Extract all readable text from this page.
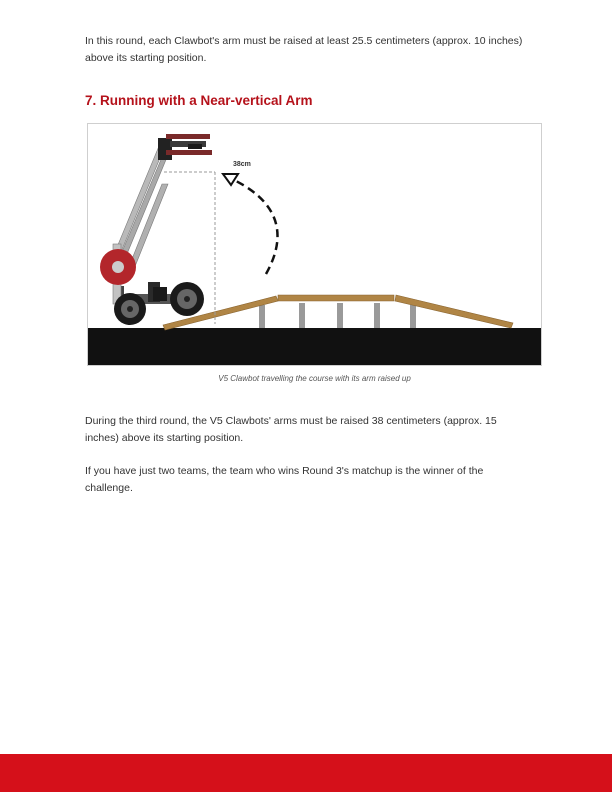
In this round, each Clawbot's arm must be raised at least 25.5 centimeters (approx. 10 inches) above its starting position.

7. Running with a Near-vertical Arm
38cm

V5 Clawbot travelling the course with its arm raised up

During the third round, the V5 Clawbots' arms must be raised 38 centimeters (approx. 15 inches) above its starting position.

If you have just two teams, the team who wins Round 3's matchup is the winner of the challenge.
